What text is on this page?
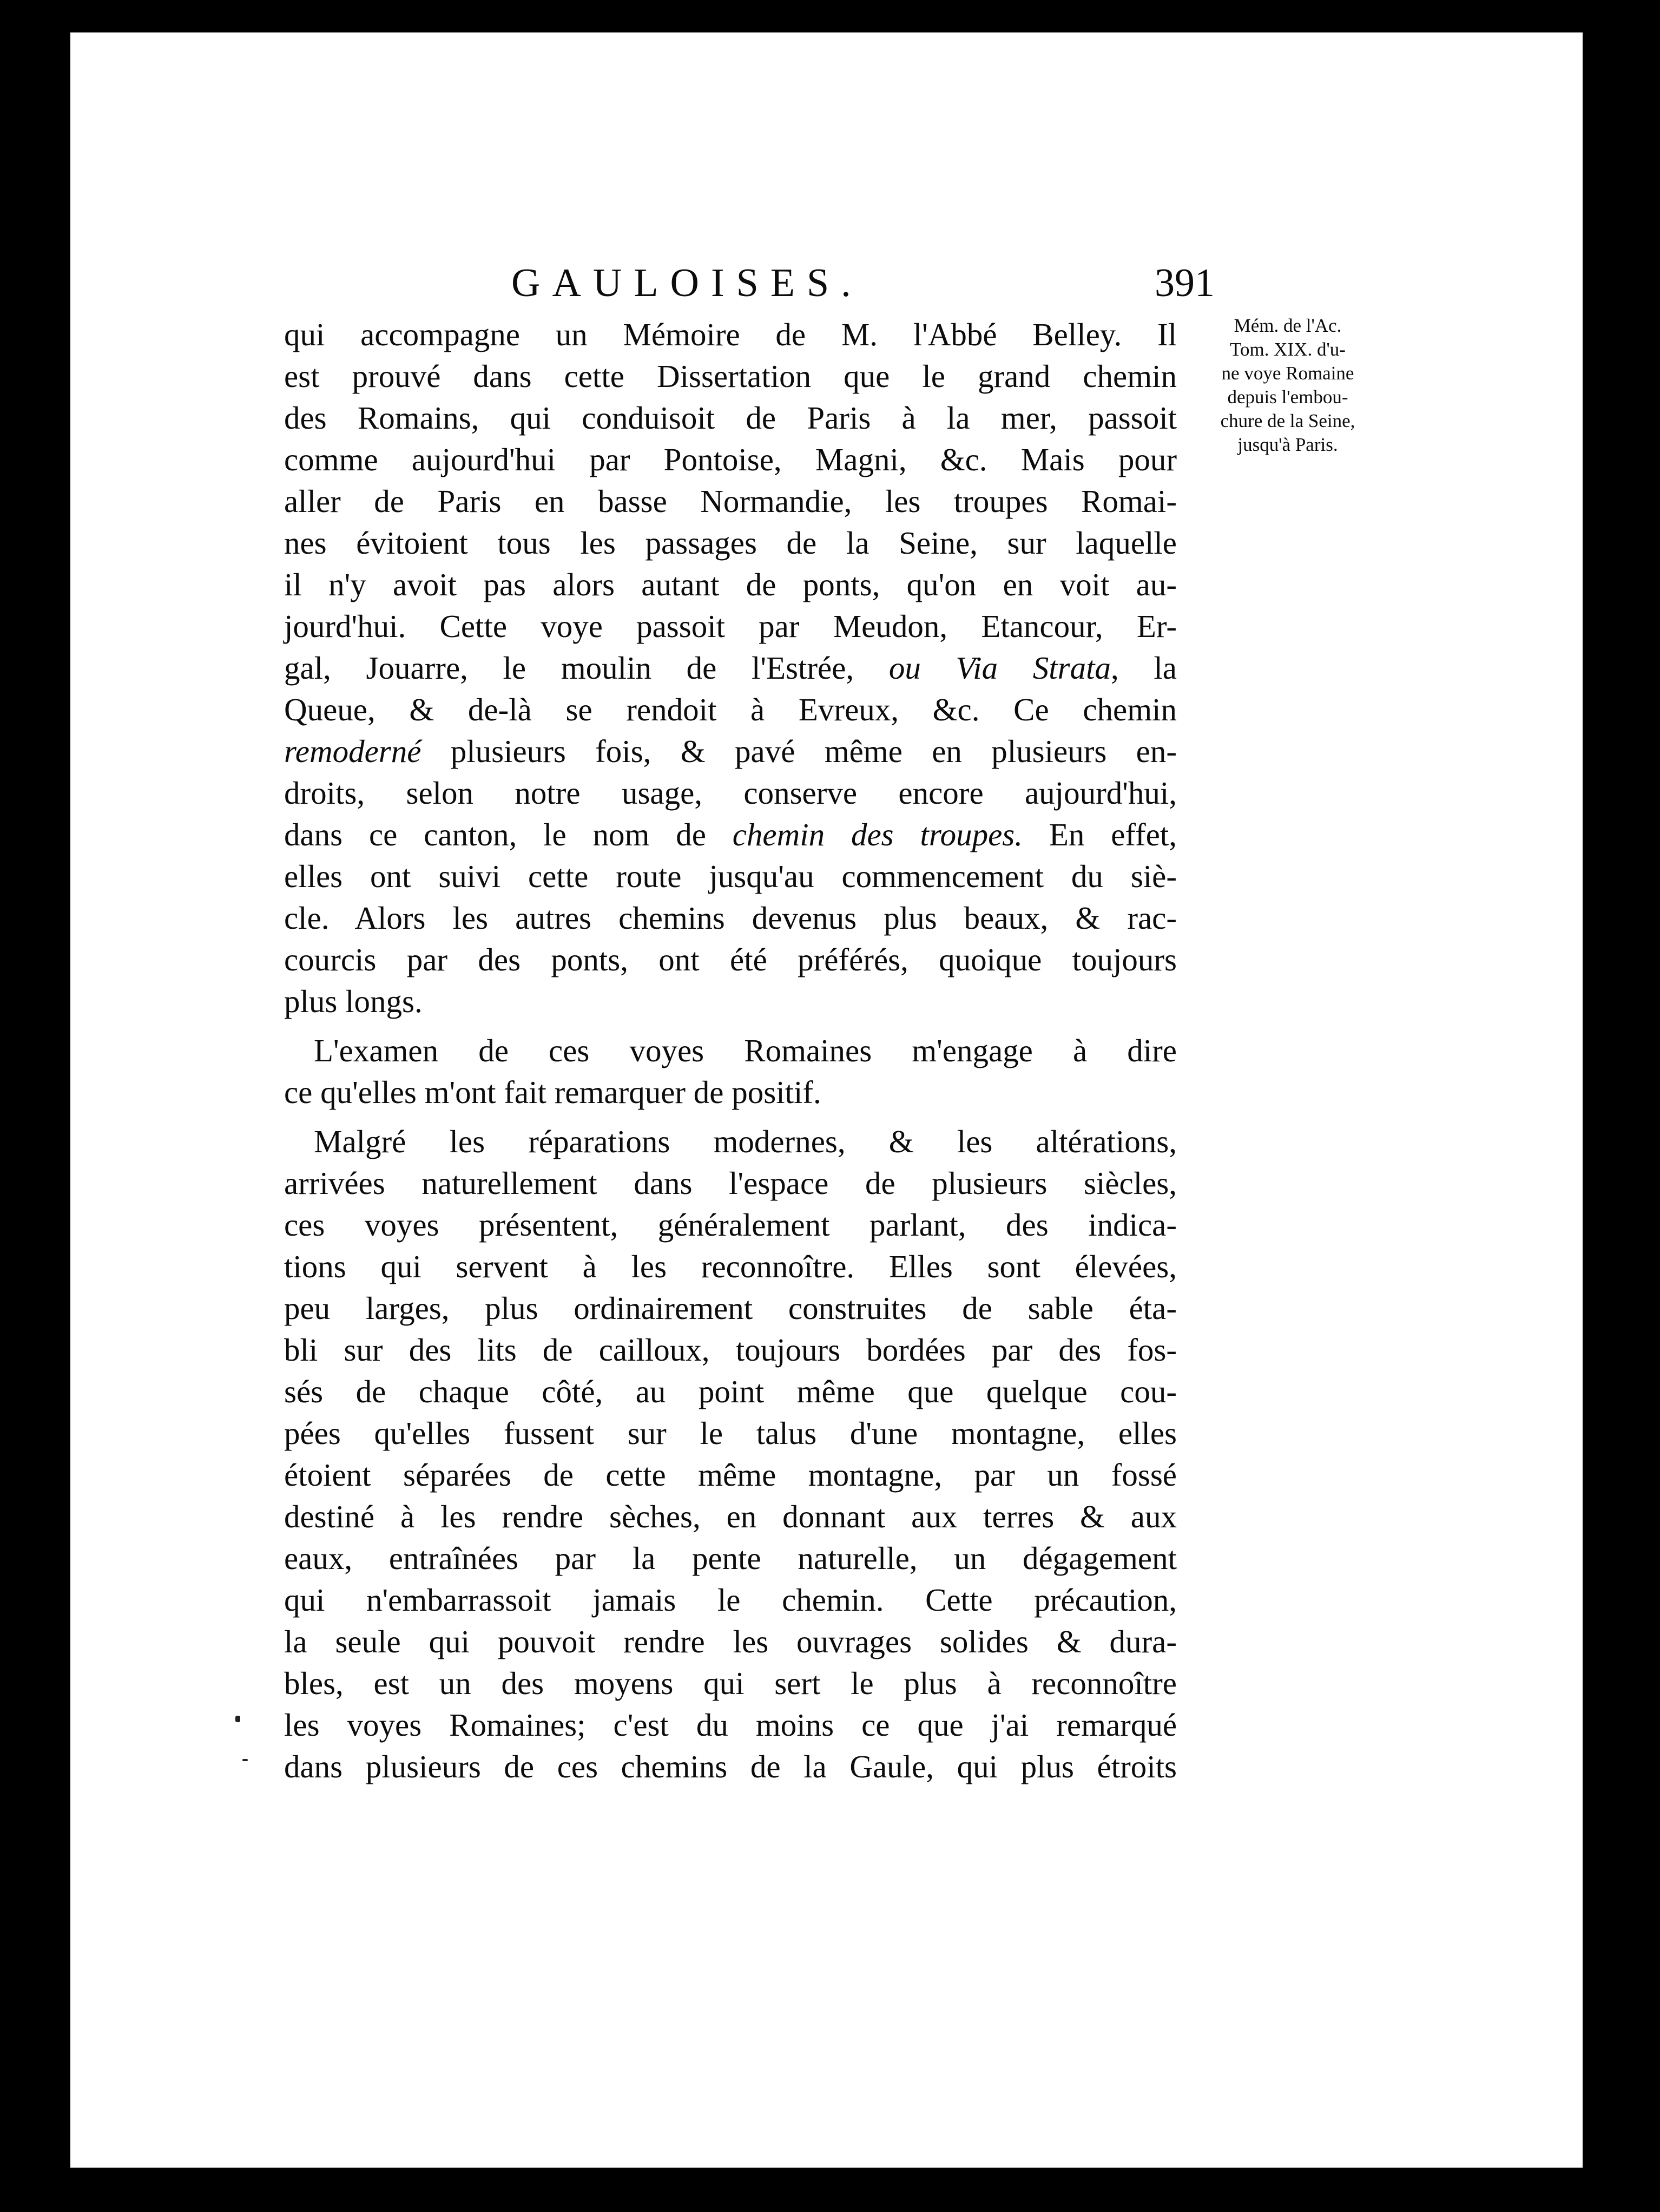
GAULOISES.	391
Mém. de l'Ac.
Tom. XIX. d'u-
ne voye Romaine
depuis l'embou-
chure de la Seine,
jusqu'à Paris.
qui accompagne un Mémoire de M. l'Abbé Belley. Il
est prouvé dans cette Dissertation que le grand chemin
des Romains, qui conduisoit de Paris à la mer, passoit
comme aujourd'hui par Pontoise, Magni, &c. Mais pour
aller de Paris en basse Normandie, les troupes Romai-
nes évitoient tous les passages de la Seine, sur laquelle
il n'y avoit pas alors autant de ponts, qu'on en voit au-
jourd'hui. Cette voye passoit par Meudon, Etancour, Er-
gal, Jouarre, le moulin de l'Estrée, ou Via Strata, la
Queue, & de-là se rendoit à Evreux, &c. Ce chemin
remoderné plusieurs fois, & pavé même en plusieurs en-
droits, selon notre usage, conserve encore aujourd'hui,
dans ce canton, le nom de chemin des troupes. En effet,
elles ont suivi cette route jusqu'au commencement du siè-
cle. Alors les autres chemins devenus plus beaux, & rac-
courcis par des ponts, ont été préférés, quoique toujours
plus longs.
L'examen de ces voyes Romaines m'engage à dire
ce qu'elles m'ont fait remarquer de positif.
Malgré les réparations modernes, & les altérations,
arrivées naturellement dans l'espace de plusieurs siècles,
ces voyes présentent, généralement parlant, des indica-
tions qui servent à les reconnoître. Elles sont élevées,
peu larges, plus ordinairement construites de sable éta-
bli sur des lits de cailloux, toujours bordées par des fos-
sés de chaque côté, au point même que quelque cou-
pées qu'elles fussent sur le talus d'une montagne, elles
étoient séparées de cette même montagne, par un fossé
destiné à les rendre sèches, en donnant aux terres & aux
eaux, entraînées par la pente naturelle, un dégagement
qui n'embarrassoit jamais le chemin. Cette précaution,
la seule qui pouvoit rendre les ouvrages solides & dura-
bles, est un des moyens qui sert le plus à reconnoître
les voyes Romaines; c'est du moins ce que j'ai remarqué
dans plusieurs de ces chemins de la Gaule, qui plus étroits
